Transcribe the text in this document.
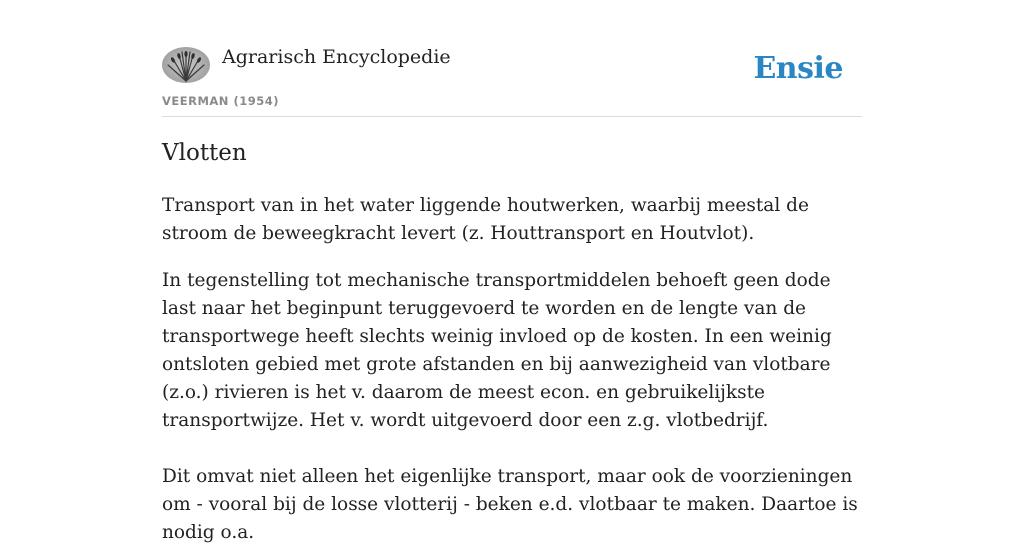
Agrarisch Encyclopedie
VEERMAN (1954)
Ensie
Vlotten

Transport van in het water liggende houtwerken, waarbij meestal de stroom de beweegkracht levert (z. Houttransport en Houtvlot).

In tegenstelling tot mechanische transportmiddelen behoeft geen dode last naar het beginpunt teruggevoerd te worden en de lengte van de transportwege heeft slechts weinig invloed op de kosten. In een weinig ontsloten gebied met grote afstanden en bij aanwezigheid van vlotbare (z.o.) rivieren is het v. daarom de meest econ. en gebruikelijkste transportwijze. Het v. wordt uitgevoerd door een z.g. vlotbedrijf.

Dit omvat niet alleen het eigenlijke transport, maar ook de voorzieningen om - vooral bij de losse vlotterij - beken e.d. vlotbaar te maken. Daartoe is nodig o.a.
